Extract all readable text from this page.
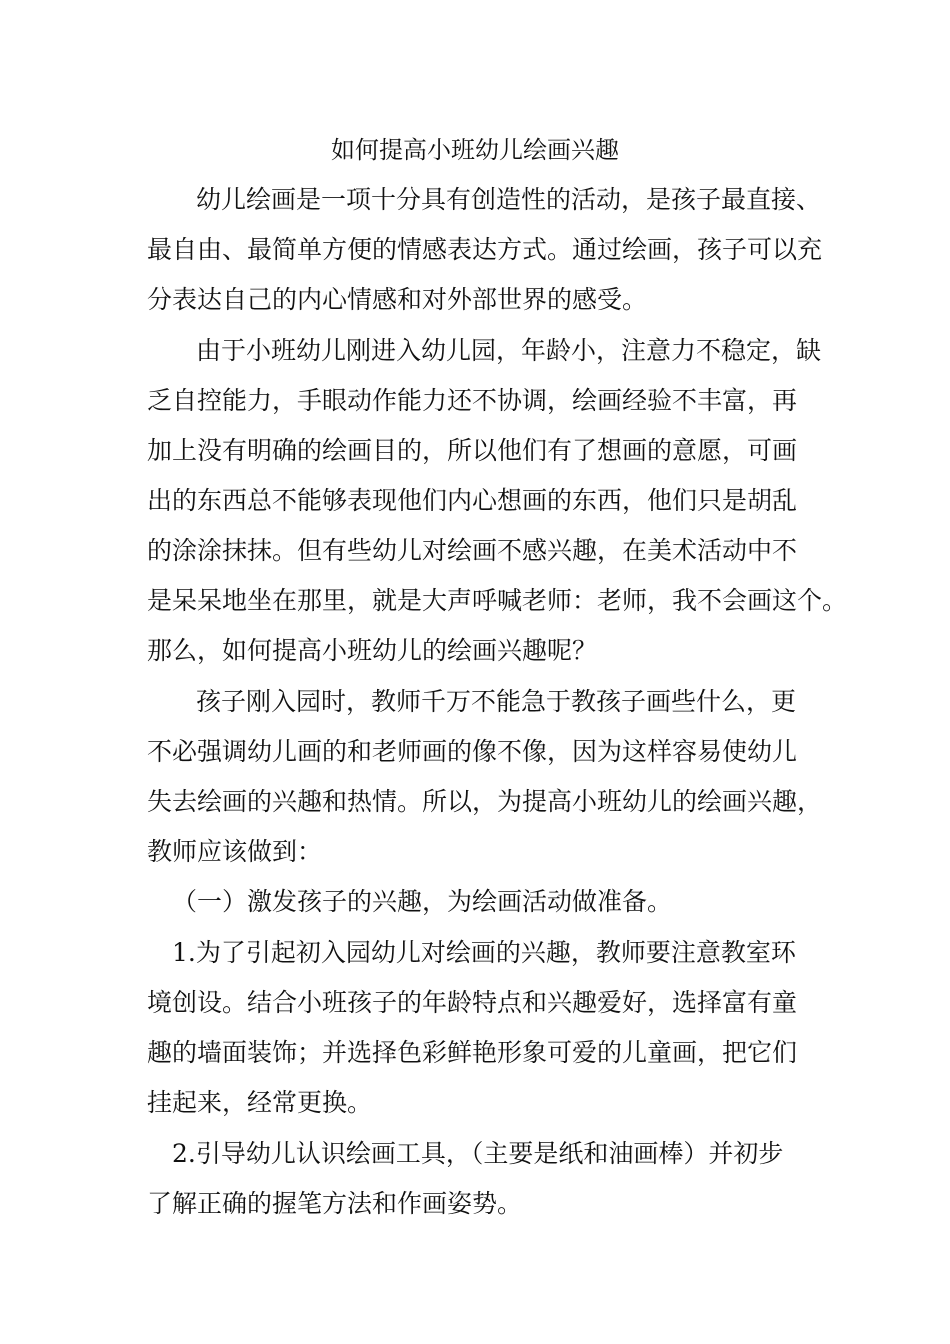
如何提高小班幼儿绘画兴趣
幼儿绘画是一项十分具有创造性的活动，是孩子最直接、
最自由、最简单方便的情感表达方式。通过绘画，孩子可以充
分表达自己的内心情感和对外部世界的感受。
由于小班幼儿刚进入幼儿园，年龄小，注意力不稳定，缺
乏自控能力，手眼动作能力还不协调，绘画经验不丰富，再
加上没有明确的绘画目的，所以他们有了想画的意愿，可画
出的东西总不能够表现他们内心想画的东西，他们只是胡乱
的涂涂抹抹。但有些幼儿对绘画不感兴趣，在美术活动中不
是呆呆地坐在那里，就是大声呼喊老师：老师，我不会画这个。
那么，如何提高小班幼儿的绘画兴趣呢？
孩子刚入园时，教师千万不能急于教孩子画些什么，更
不必强调幼儿画的和老师画的像不像，因为这样容易使幼儿
失去绘画的兴趣和热情。所以，为提高小班幼儿的绘画兴趣，
教师应该做到：
（一）激发孩子的兴趣，为绘画活动做准备。
1.为了引起初入园幼儿对绘画的兴趣，教师要注意教室环
境创设。结合小班孩子的年龄特点和兴趣爱好，选择富有童
趣的墙面装饰；并选择色彩鲜艳形象可爱的儿童画，把它们
挂起来，经常更换。
2.引导幼儿认识绘画工具，（主要是纸和油画棒）并初步
了解正确的握笔方法和作画姿势。
